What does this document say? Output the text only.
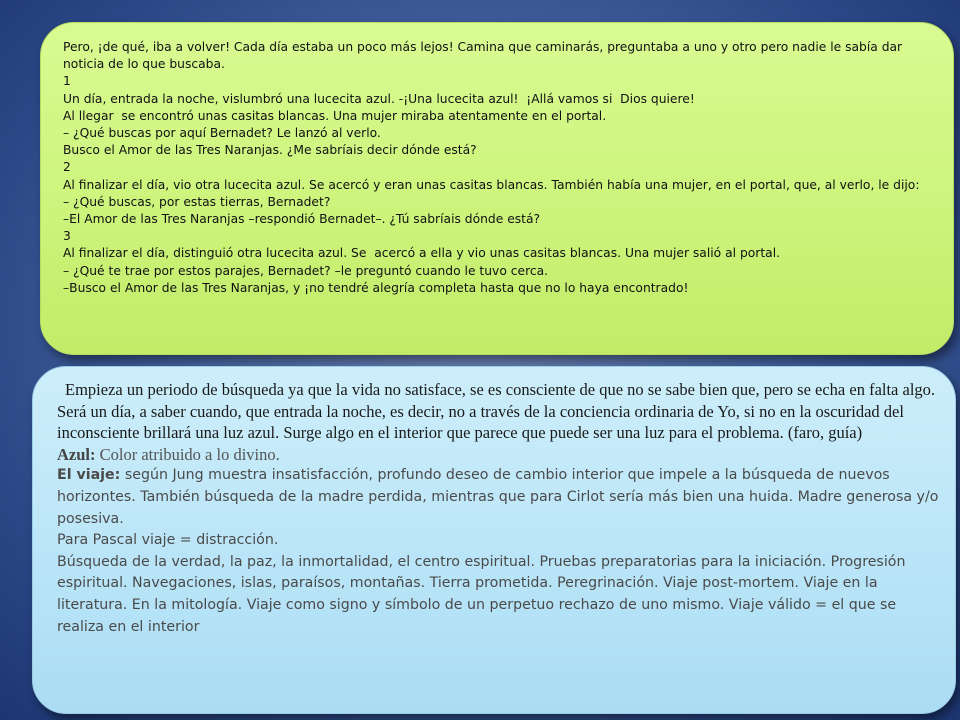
Pero, ¡de qué, iba a volver! Cada día estaba un poco más lejos! Camina que caminarás, preguntaba a uno y otro pero nadie le sabía dar noticia de lo que buscaba.

1

Un día, entrada la noche, vislumbró una lucecita azul. -¡Una lucecita azul!  ¡Allá vamos si  Dios quiere!

Al llegar  se encontró unas casitas blancas. Una mujer miraba atentamente en el portal.

– ¿Qué buscas por aquí Bernadet? Le lanzó al verlo.

Busco el Amor de las Tres Naranjas. ¿Me sabríais decir dónde está?

2

Al finalizar el día, vio otra lucecita azul. Se acercó y eran unas casitas blancas. También había una mujer, en el portal, que, al verlo, le dijo:

– ¿Qué buscas, por estas tierras, Bernadet?

–El Amor de las Tres Naranjas –respondió Bernadet–. ¿Tú sabríais dónde está?

3

Al finalizar el día, distinguió otra lucecita azul. Se  acercó a ella y vio unas casitas blancas. Una mujer salió al portal.

– ¿Qué te trae por estos parajes, Bernadet? –le preguntó cuando le tuvo cerca.

–Busco el Amor de las Tres Naranjas, y ¡no tendré alegría completa hasta que no lo haya encontrado!

Empieza un periodo de búsqueda ya que la vida no satisface, se es consciente de que no se sabe bien que, pero se echa en falta algo.

Será un día, a saber cuando, que entrada la noche, es decir, no a través de la conciencia ordinaria de Yo, si no en la oscuridad del inconsciente brillará una luz azul. Surge algo en el interior que parece que puede ser una luz para el problema. (faro, guía)

Azul: Color atribuido a lo divino.

El viaje: según Jung muestra insatisfacción, profundo deseo de cambio interior que impele a la búsqueda de nuevos horizontes. También búsqueda de la madre perdida, mientras que para Cirlot sería más bien una huida. Madre generosa y/o posesiva.

Para Pascal viaje = distracción.

Búsqueda de la verdad, la paz, la inmortalidad, el centro espiritual. Pruebas preparatorias para la iniciación. Progresión espiritual. Navegaciones, islas, paraísos, montañas. Tierra prometida. Peregrinación. Viaje post-mortem. Viaje en la literatura. En la mitología. Viaje como signo y símbolo de un perpetuo rechazo de uno mismo. Viaje válido = el que se realiza en el interior
